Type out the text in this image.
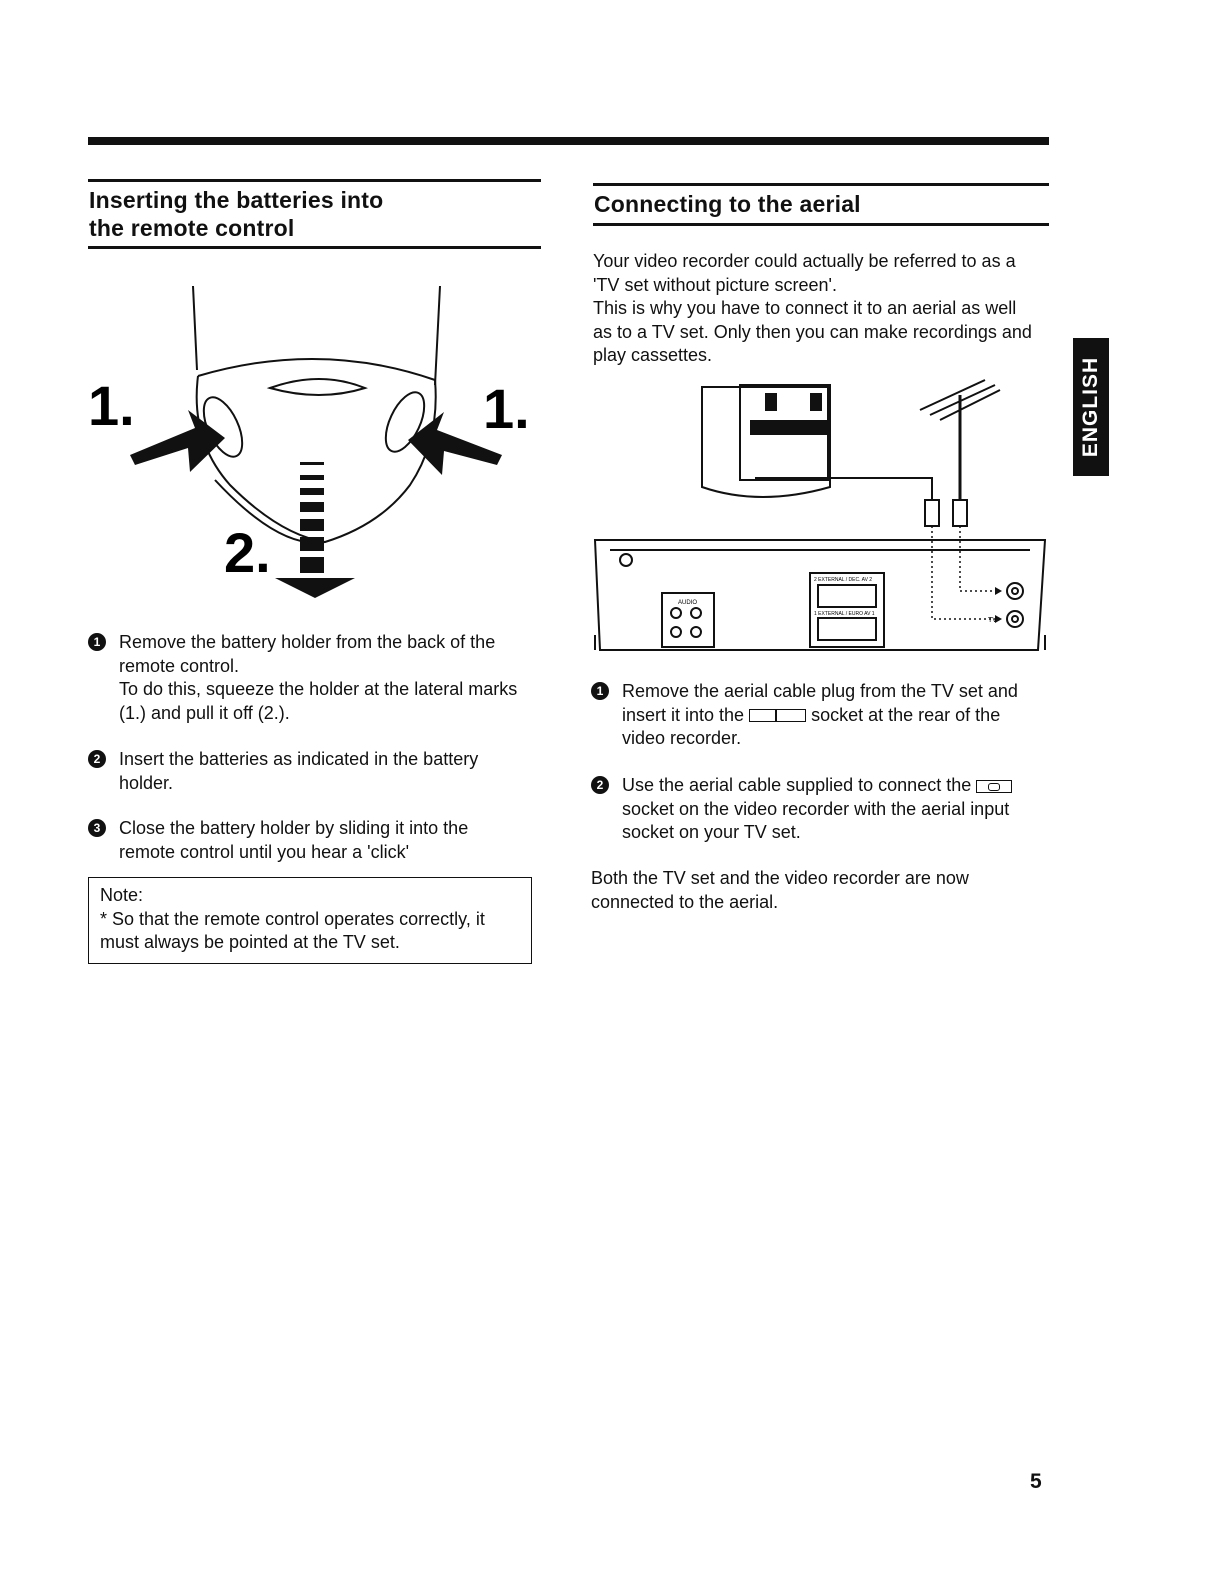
Inserting the batteries into
the remote control
1.	1.
2.
1	Remove the battery holder from the back of the
remote control.
To do this, squeeze the holder at the lateral marks
(1.) and pull it off (2.).
2	Insert the batteries as indicated in the battery
holder.
3	Close the battery holder by sliding it into the
remote control until you hear a 'click'
Note:
* So that the remote control operates correctly, it
must always be pointed at the TV set.
Connecting to the aerial
Your video recorder could actually be referred to as a
'TV set without picture screen'.
This is why you have to connect it to an aerial as well
as to a TV set. Only then you can make recordings and
play cassettes.
AUDIO
2 EXTERNAL / DEC. AV 2
1 EXTERNAL / EURO AV 1
TV
1	Remove the aerial cable plug from the TV set and
insert it into the	socket at the rear of the
video recorder.
2	Use the aerial cable supplied to connect the
socket on the video recorder with the aerial input
socket on your TV set.
Both the TV set and the video recorder are now
connected to the aerial.
ENGLISH
5
